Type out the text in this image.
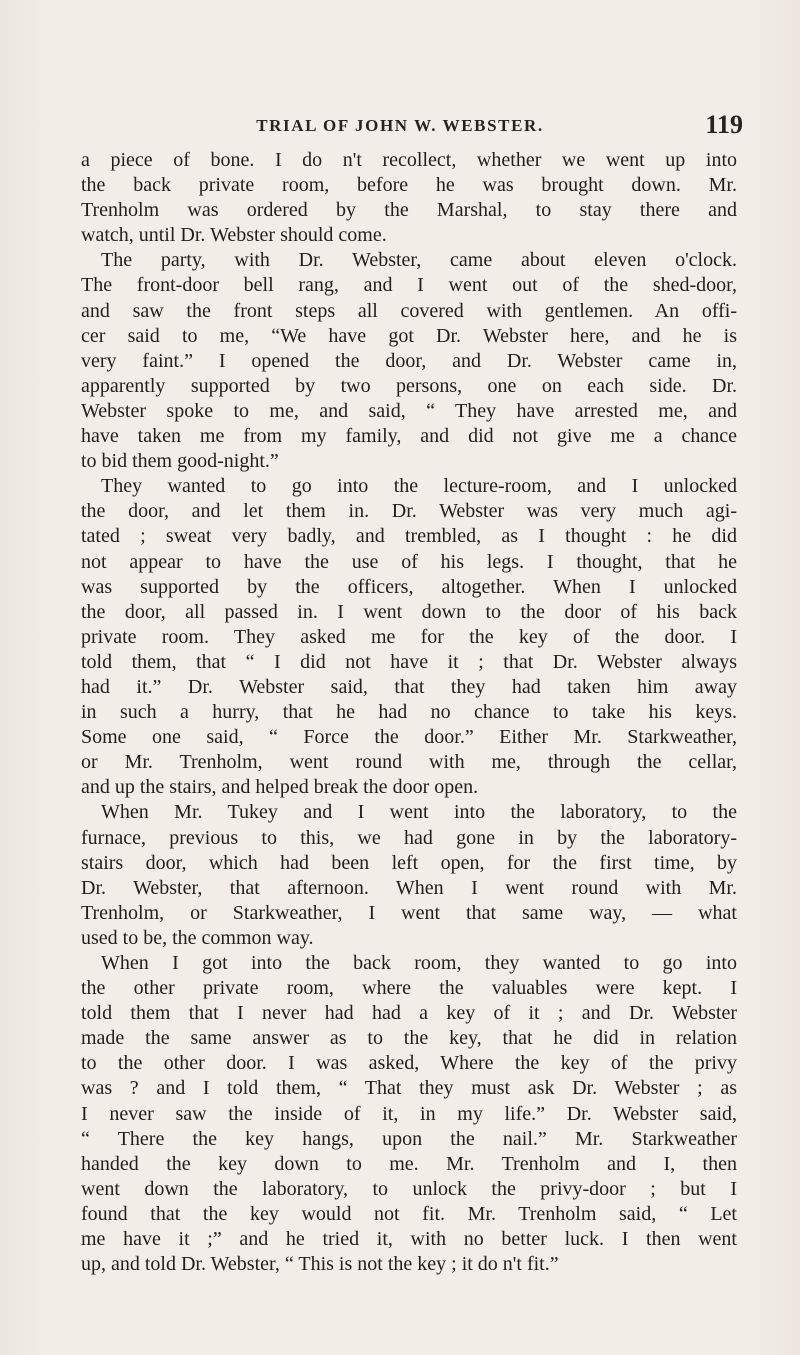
TRIAL OF JOHN W. WEBSTER.	119
a piece of bone. I do n't recollect, whether we went up into
the back private room, before he was brought down. Mr.
Trenholm was ordered by the Marshal, to stay there and
watch, until Dr. Webster should come.
The party, with Dr. Webster, came about eleven o'clock.
The front-door bell rang, and I went out of the shed-door,
and saw the front steps all covered with gentlemen. An offi-
cer said to me, “We have got Dr. Webster here, and he is
very faint.” I opened the door, and Dr. Webster came in,
apparently supported by two persons, one on each side. Dr.
Webster spoke to me, and said, “ They have arrested me, and
have taken me from my family, and did not give me a chance
to bid them good-night.”
They wanted to go into the lecture-room, and I unlocked
the door, and let them in. Dr. Webster was very much agi-
tated ; sweat very badly, and trembled, as I thought : he did
not appear to have the use of his legs. I thought, that he
was supported by the officers, altogether. When I unlocked
the door, all passed in. I went down to the door of his back
private room. They asked me for the key of the door. I
told them, that “ I did not have it ; that Dr. Webster always
had it.” Dr. Webster said, that they had taken him away
in such a hurry, that he had no chance to take his keys.
Some one said, “ Force the door.” Either Mr. Starkweather,
or Mr. Trenholm, went round with me, through the cellar,
and up the stairs, and helped break the door open.
When Mr. Tukey and I went into the laboratory, to the
furnace, previous to this, we had gone in by the laboratory-
stairs door, which had been left open, for the first time, by
Dr. Webster, that afternoon. When I went round with Mr.
Trenholm, or Starkweather, I went that same way, — what
used to be, the common way.
When I got into the back room, they wanted to go into
the other private room, where the valuables were kept. I
told them that I never had had a key of it ; and Dr. Webster
made the same answer as to the key, that he did in relation
to the other door. I was asked, Where the key of the privy
was ? and I told them, “ That they must ask Dr. Webster ; as
I never saw the inside of it, in my life.” Dr. Webster said,
“ There the key hangs, upon the nail.” Mr. Starkweather
handed the key down to me. Mr. Trenholm and I, then
went down the laboratory, to unlock the privy-door ; but I
found that the key would not fit. Mr. Trenholm said, “ Let
me have it ;” and he tried it, with no better luck. I then went
up, and told Dr. Webster, “ This is not the key ; it do n't fit.”
